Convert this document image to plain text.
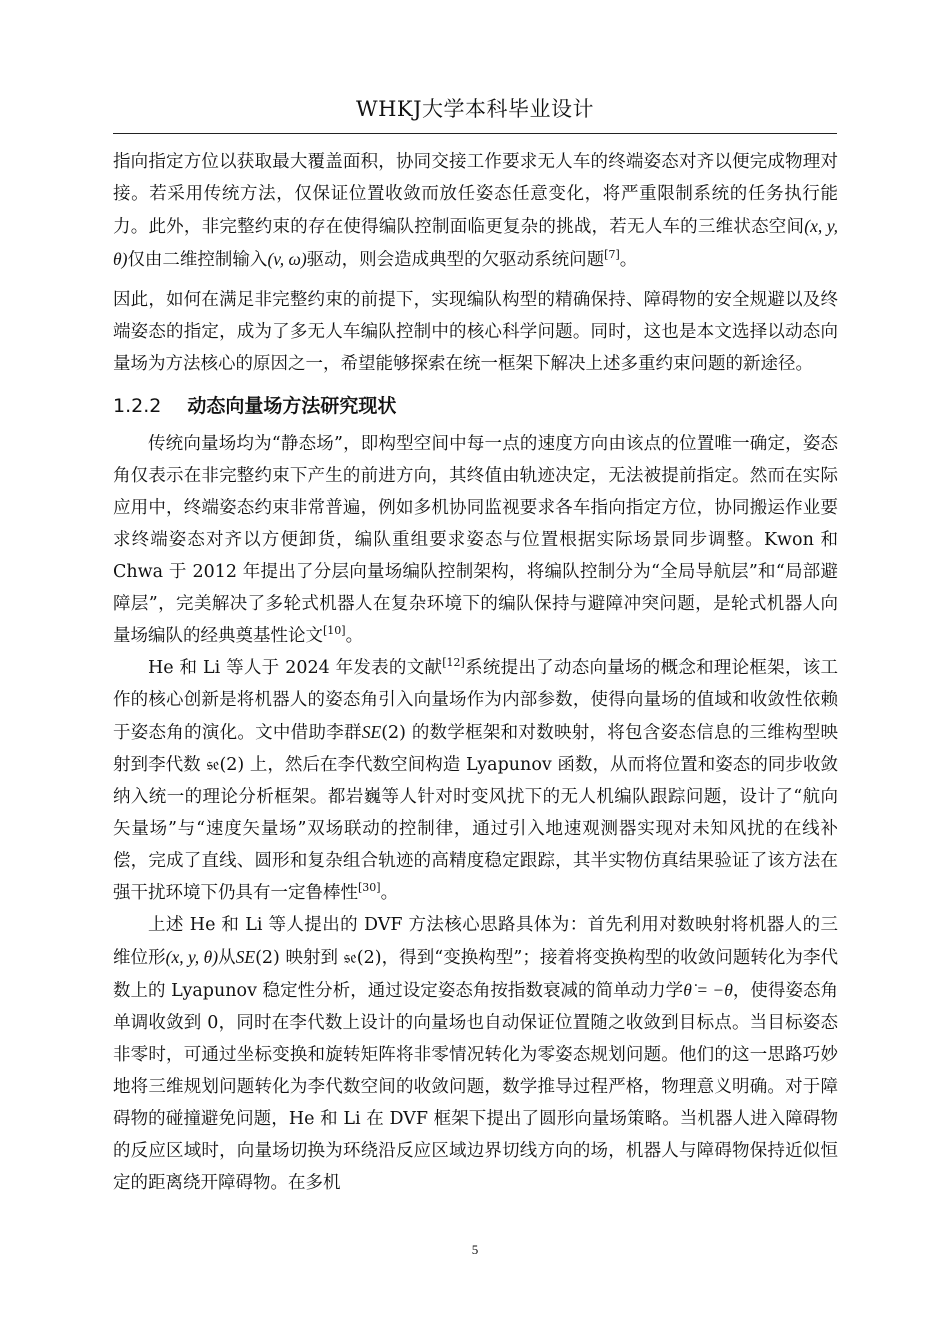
WHKJ大学本科毕业设计

指向指定方位以获取最大覆盖面积，协同交接工作要求无人车的终端姿态对齐以便完成物理对接。若采用传统方法，仅保证位置收敛而放任姿态任意变化，将严重限制系统的任务执行能力。此外，非完整约束的存在使得编队控制面临更复杂的挑战，若无人车的三维状态空间(x, y, θ)仅由二维控制输入(v, ω)驱动，则会造成典型的欠驱动系统问题[7]。

因此，如何在满足非完整约束的前提下，实现编队构型的精确保持、障碍物的安全规避以及终端姿态的指定，成为了多无人车编队控制中的核心科学问题。同时，这也是本文选择以动态向量场为方法核心的原因之一，希望能够探索在统一框架下解决上述多重约束问题的新途径。

1.2.2 动态向量场方法研究现状

传统向量场均为“静态场”，即构型空间中每一点的速度方向由该点的位置唯一确定，姿态角仅表示在非完整约束下产生的前进方向，其终值由轨迹决定，无法被提前指定。然而在实际应用中，终端姿态约束非常普遍，例如多机协同监视要求各车指向指定方位，协同搬运作业要求终端姿态对齐以方便卸货，编队重组要求姿态与位置根据实际场景同步调整。Kwon 和 Chwa 于 2012 年提出了分层向量场编队控制架构，将编队控制分为“全局导航层”和“局部避障层”，完美解决了多轮式机器人在复杂环境下的编队保持与避障冲突问题，是轮式机器人向量场编队的经典奠基性论文[10]。

He 和 Li 等人于 2024 年发表的文献[12]系统提出了动态向量场的概念和理论框架，该工作的核心创新是将机器人的姿态角引入向量场作为内部参数，使得向量场的值域和收敛性依赖于姿态角的演化。文中借助李群SE(2) 的数学框架和对数映射，将包含姿态信息的三维构型映射到李代数 𝔰𝔢(2) 上，然后在李代数空间构造 Lyapunov 函数，从而将位置和姿态的同步收敛纳入统一的理论分析框架。都岩巍等人针对时变风扰下的无人机编队跟踪问题，设计了“航向矢量场”与“速度矢量场”双场联动的控制律，通过引入地速观测器实现对未知风扰的在线补偿，完成了直线、圆形和复杂组合轨迹的高精度稳定跟踪，其半实物仿真结果验证了该方法在强干扰环境下仍具有一定鲁棒性[30]。

上述 He 和 Li 等人提出的 DVF 方法核心思路具体为：首先利用对数映射将机器人的三维位形(x, y, θ)从SE(2) 映射到 𝔰𝔢(2)，得到“变换构型”；接着将变换构型的收敛问题转化为李代数上的 Lyapunov 稳定性分析，通过设定姿态角按指数衰减的简单动力学θ̇ = −θ，使得姿态角单调收敛到 0，同时在李代数上设计的向量场也自动保证位置随之收敛到目标点。当目标姿态非零时，可通过坐标变换和旋转矩阵将非零情况转化为零姿态规划问题。他们的这一思路巧妙地将三维规划问题转化为李代数空间的收敛问题，数学推导过程严格，物理意义明确。对于障碍物的碰撞避免问题，He 和 Li 在 DVF 框架下提出了圆形向量场策略。当机器人进入障碍物的反应区域时，向量场切换为环绕沿反应区域边界切线方向的场，机器人与障碍物保持近似恒定的距离绕开障碍物。在多机

5
